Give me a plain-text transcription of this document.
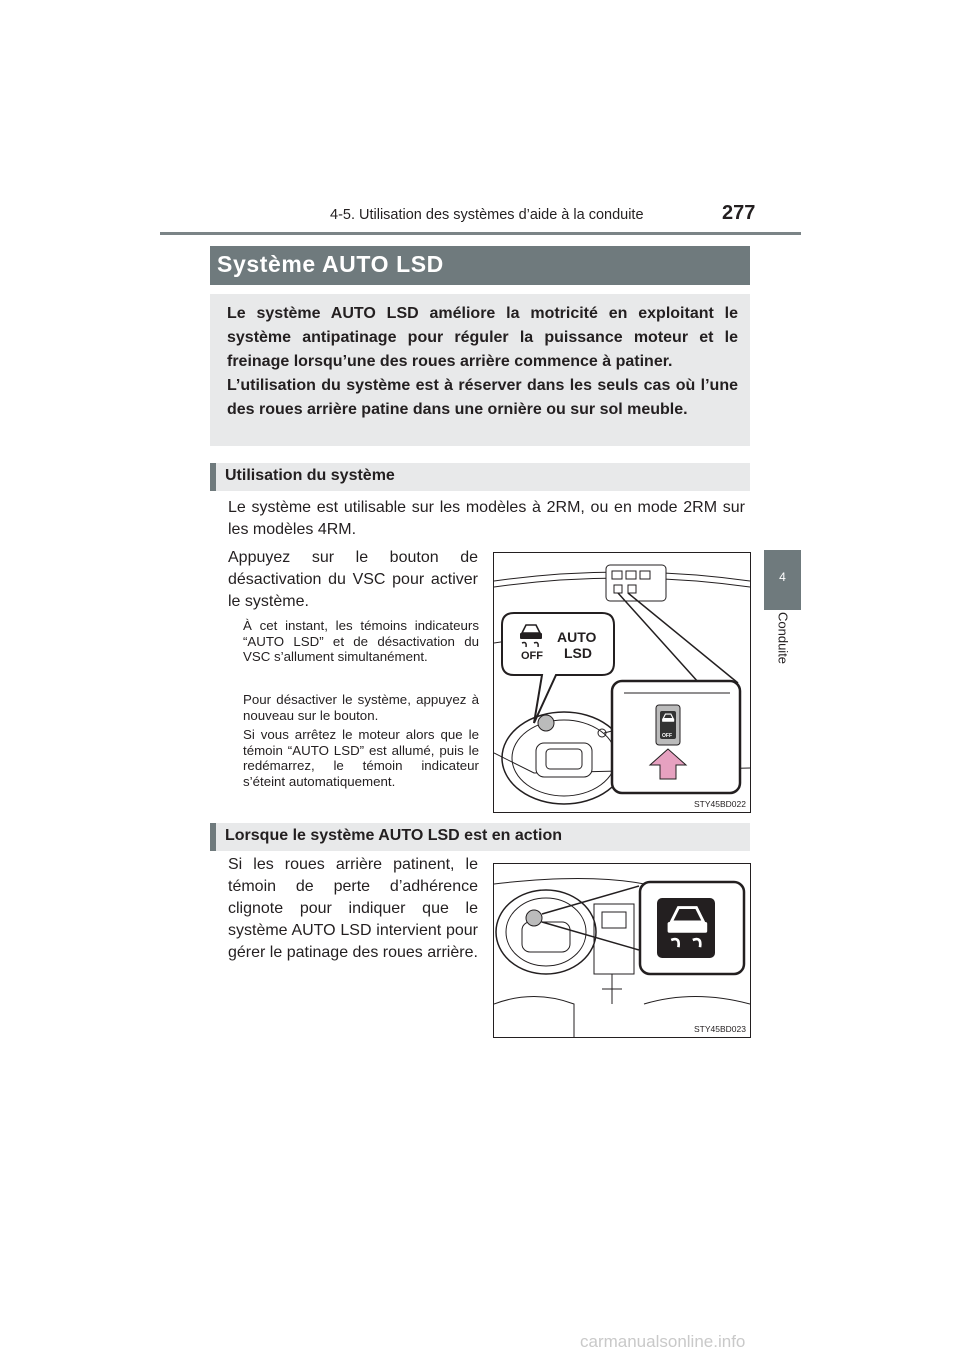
4-5. Utilisation des systèmes d’aide à la conduite	277
4
Conduite
Système AUTO LSD

Le système AUTO LSD améliore la motricité en exploitant le système antipatinage pour réguler la puissance moteur et le freinage lorsqu’une des roues arrière commence à patiner.

L’utilisation du système est à réserver dans les seuls cas où l’une des roues arrière patine dans une ornière ou sur sol meuble.

Utilisation du système

Le système est utilisable sur les modèles à 2RM, ou en mode 2RM sur les modèles 4RM.

Appuyez sur le bouton de désactivation du VSC pour activer le système.

À cet instant, les témoins indicateurs “AUTO LSD” et de désactivation du VSC s’allument simultanément.

Pour désactiver le système, appuyez à nouveau sur le bouton.

Si vous arrêtez le moteur alors que le témoin “AUTO LSD” est allumé, puis le redémarrez, le témoin indicateur s’éteint automatiquement.

OFF
AUTO
LSD
OFF
STY45BD022
Lorsque le système AUTO LSD est en action

Si les roues arrière patinent, le témoin de perte d’adhérence clignote pour indiquer que le système AUTO LSD intervient pour gérer le patinage des roues arrière.

STY45BD023
carmanualsonline.info
